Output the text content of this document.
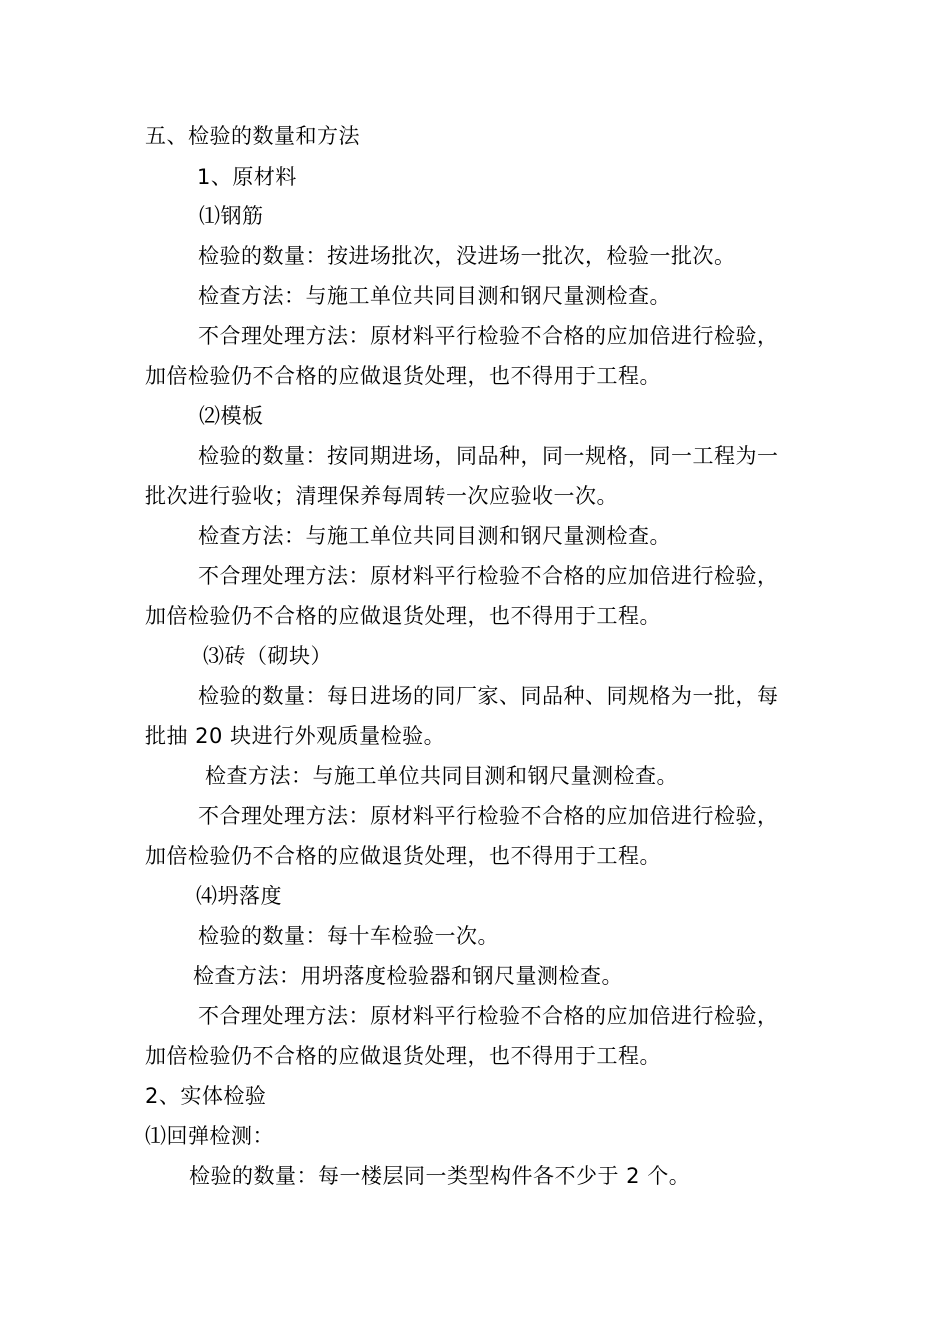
五、检验的数量和方法

1、原材料

⑴钢筋

检验的数量：按进场批次，没进场一批次，检验一批次。

检查方法：与施工单位共同目测和钢尺量测检查。

不合理处理方法：原材料平行检验不合格的应加倍进行检验，

加倍检验仍不合格的应做退货处理，也不得用于工程。

⑵模板

检验的数量：按同期进场，同品种，同一规格，同一工程为一

批次进行验收；清理保养每周转一次应验收一次。

检查方法：与施工单位共同目测和钢尺量测检查。

不合理处理方法：原材料平行检验不合格的应加倍进行检验，

加倍检验仍不合格的应做退货处理，也不得用于工程。

⑶砖（砌块）

检验的数量：每日进场的同厂家、同品种、同规格为一批，每

批抽 20 块进行外观质量检验。

检查方法：与施工单位共同目测和钢尺量测检查。

不合理处理方法：原材料平行检验不合格的应加倍进行检验，

加倍检验仍不合格的应做退货处理，也不得用于工程。

⑷坍落度

检验的数量：每十车检验一次。

检查方法：用坍落度检验器和钢尺量测检查。

不合理处理方法：原材料平行检验不合格的应加倍进行检验，

加倍检验仍不合格的应做退货处理，也不得用于工程。

2、实体检验

⑴回弹检测：

检验的数量：每一楼层同一类型构件各不少于 2 个。
